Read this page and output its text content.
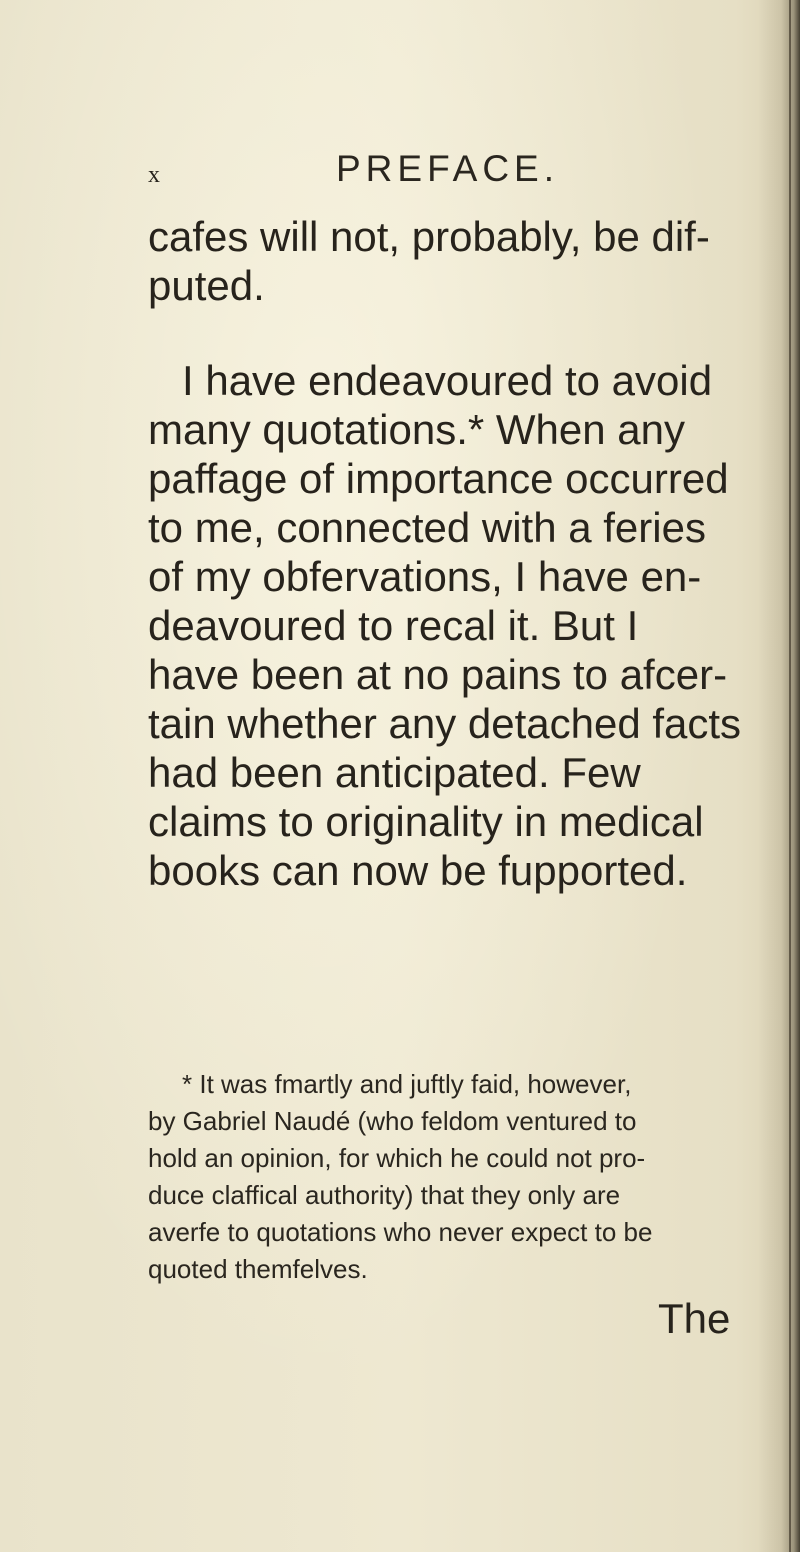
x	PREFACE.
cafes will not, probably, be dif-
puted.
I have endeavoured to avoid
many quotations.* When any
paffage of importance occurred
to me, connected with a feries
of my obfervations, I have en-
deavoured to recal it. But I
have been at no pains to afcer-
tain whether any detached facts
had been anticipated. Few
claims to originality in medical
books can now be fupported.
* It was fmartly and juftly faid, however,
by Gabriel Naudé (who feldom ventured to
hold an opinion, for which he could not pro-
duce claffical authority) that they only are
averfe to quotations who never expect to be
quoted themfelves.
The
